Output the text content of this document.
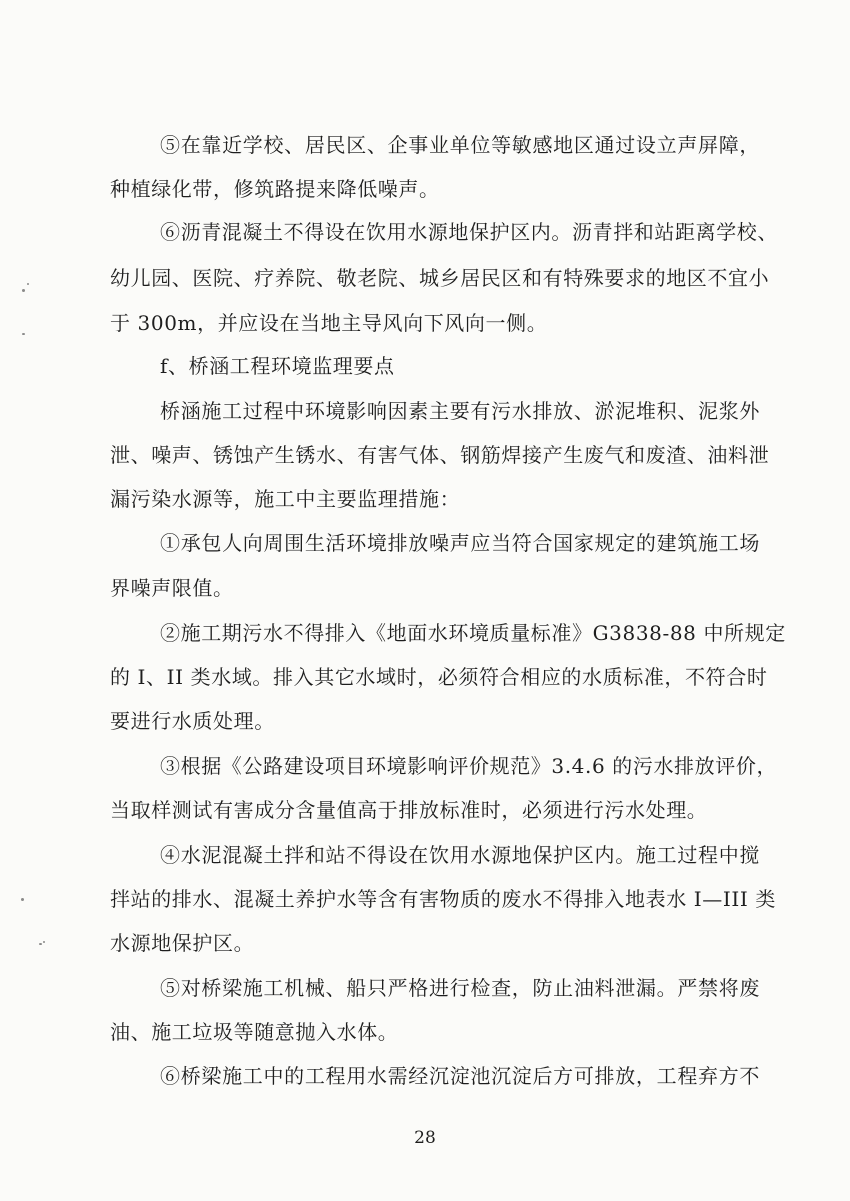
⑤在靠近学校、居民区、企事业单位等敏感地区通过设立声屏障，
种植绿化带，修筑路提来降低噪声。
⑥沥青混凝土不得设在饮用水源地保护区内。沥青拌和站距离学校、
幼儿园、医院、疗养院、敬老院、城乡居民区和有特殊要求的地区不宜小
于 300m，并应设在当地主导风向下风向一侧。
f、桥涵工程环境监理要点
桥涵施工过程中环境影响因素主要有污水排放、淤泥堆积、泥浆外
泄、噪声、锈蚀产生锈水、有害气体、钢筋焊接产生废气和废渣、油料泄
漏污染水源等，施工中主要监理措施：
①承包人向周围生活环境排放噪声应当符合国家规定的建筑施工场
界噪声限值。
②施工期污水不得排入《地面水环境质量标准》G3838-88 中所规定
的 I、II 类水域。排入其它水域时，必须符合相应的水质标准，不符合时
要进行水质处理。
③根据《公路建设项目环境影响评价规范》3.4.6 的污水排放评价，
当取样测试有害成分含量值高于排放标准时，必须进行污水处理。
④水泥混凝土拌和站不得设在饮用水源地保护区内。施工过程中搅
拌站的排水、混凝土养护水等含有害物质的废水不得排入地表水 I—III 类
水源地保护区。
⑤对桥梁施工机械、船只严格进行检查，防止油料泄漏。严禁将废
油、施工垃圾等随意抛入水体。
⑥桥梁施工中的工程用水需经沉淀池沉淀后方可排放，工程弃方不
28
